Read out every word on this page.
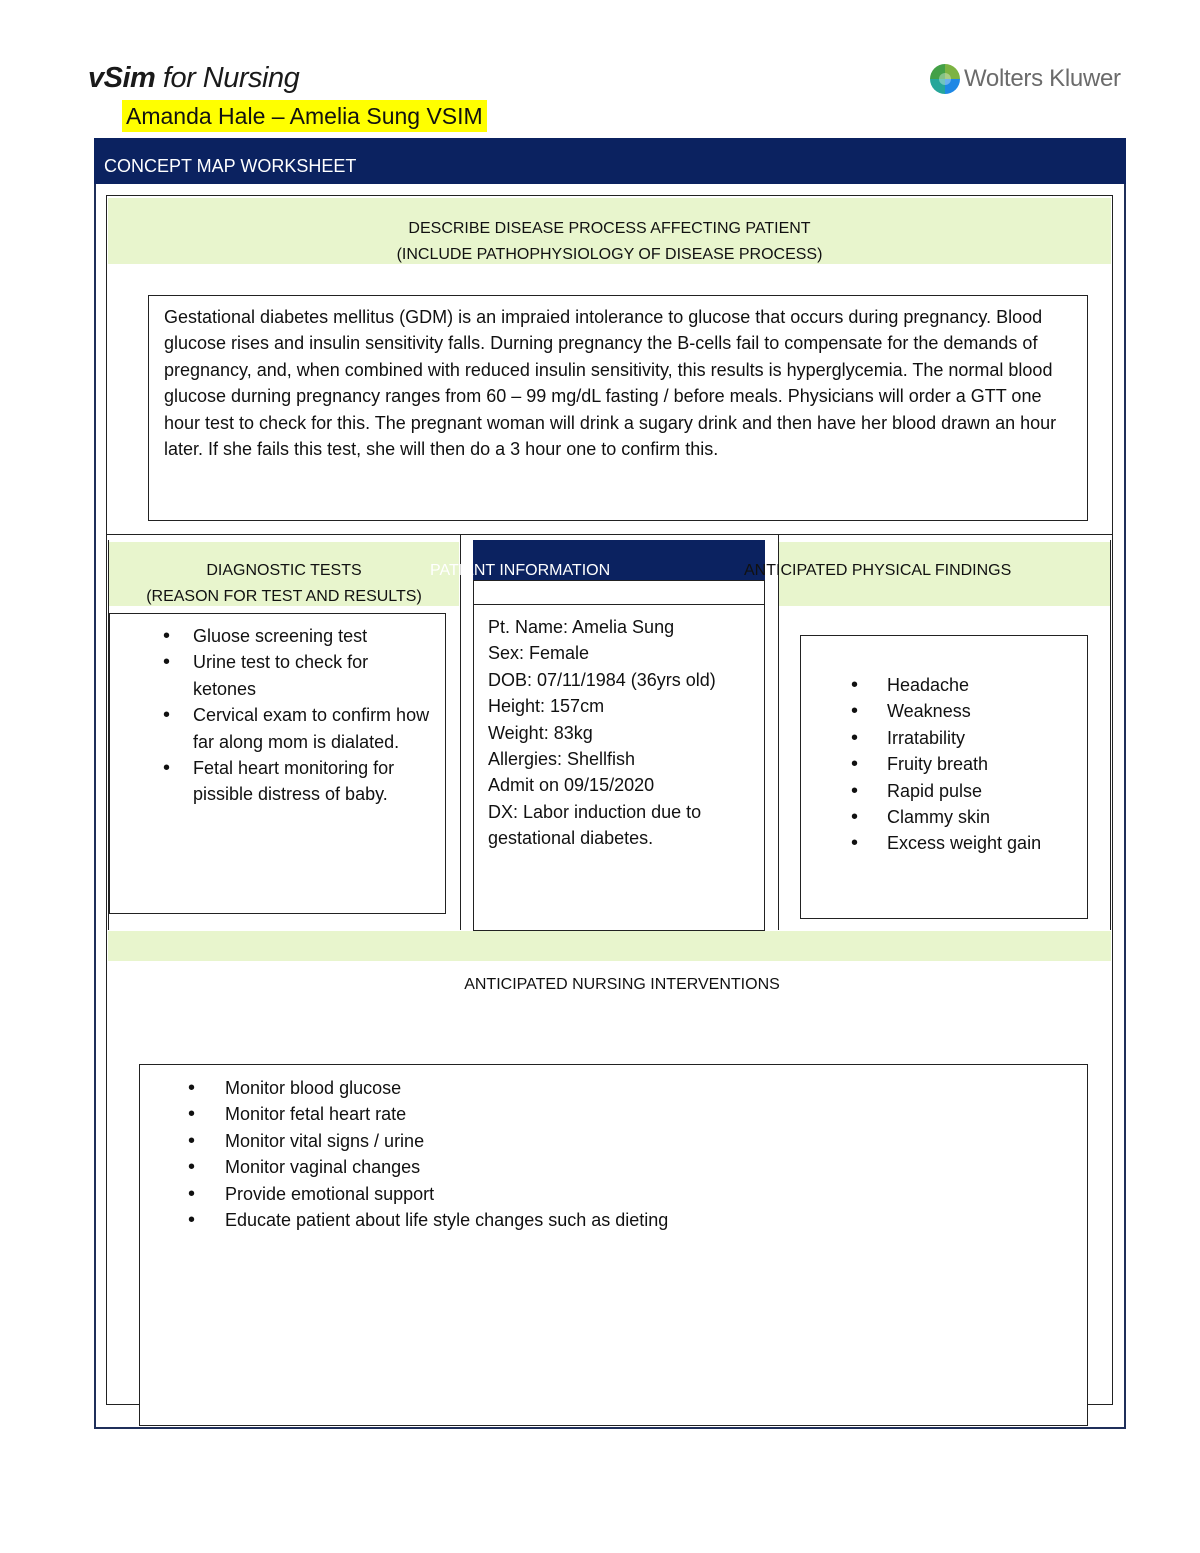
vSim for Nursing
Amanda Hale – Amelia Sung VSIM
Wolters Kluwer
CONCEPT MAP WORKSHEET
DESCRIBE DISEASE PROCESS AFFECTING PATIENT
(INCLUDE PATHOPHYSIOLOGY OF DISEASE PROCESS)
Gestational diabetes mellitus (GDM) is an impraied intolerance to glucose that occurs during pregnancy. Blood glucose rises and insulin sensitivity falls. Durning pregnancy the B-cells fail to compensate for the demands of pregnancy, and, when combined with reduced insulin sensitivity, this results is hyperglycemia. The normal blood glucose durning pregnancy ranges from 60 – 99 mg/dL fasting / before meals. Physicians will order a GTT one hour test to check for this. The pregnant woman will drink a sugary drink and then have her blood drawn an hour later. If she fails this test, she will then do a 3 hour one to confirm this.
DIAGNOSTIC TESTS
(REASON FOR TEST AND RESULTS)
• Gluose screening test
• Urine test to check for ketones
• Cervical exam to confirm how far along mom is dialated.
• Fetal heart monitoring for pissible distress of baby.
PATIENT INFORMATION
Pt. Name: Amelia Sung
Sex: Female
DOB: 07/11/1984 (36yrs old)
Height: 157cm
Weight: 83kg
Allergies: Shellfish
Admit on 09/15/2020
DX: Labor induction due to gestational diabetes.
ANTICIPATED PHYSICAL FINDINGS
• Headache
• Weakness
• Irratability
• Fruity breath
• Rapid pulse
• Clammy skin
• Excess weight gain
ANTICIPATED NURSING INTERVENTIONS
• Monitor blood glucose
• Monitor fetal heart rate
• Monitor vital signs / urine
• Monitor vaginal changes
• Provide emotional support
• Educate patient about life style changes such as dieting
